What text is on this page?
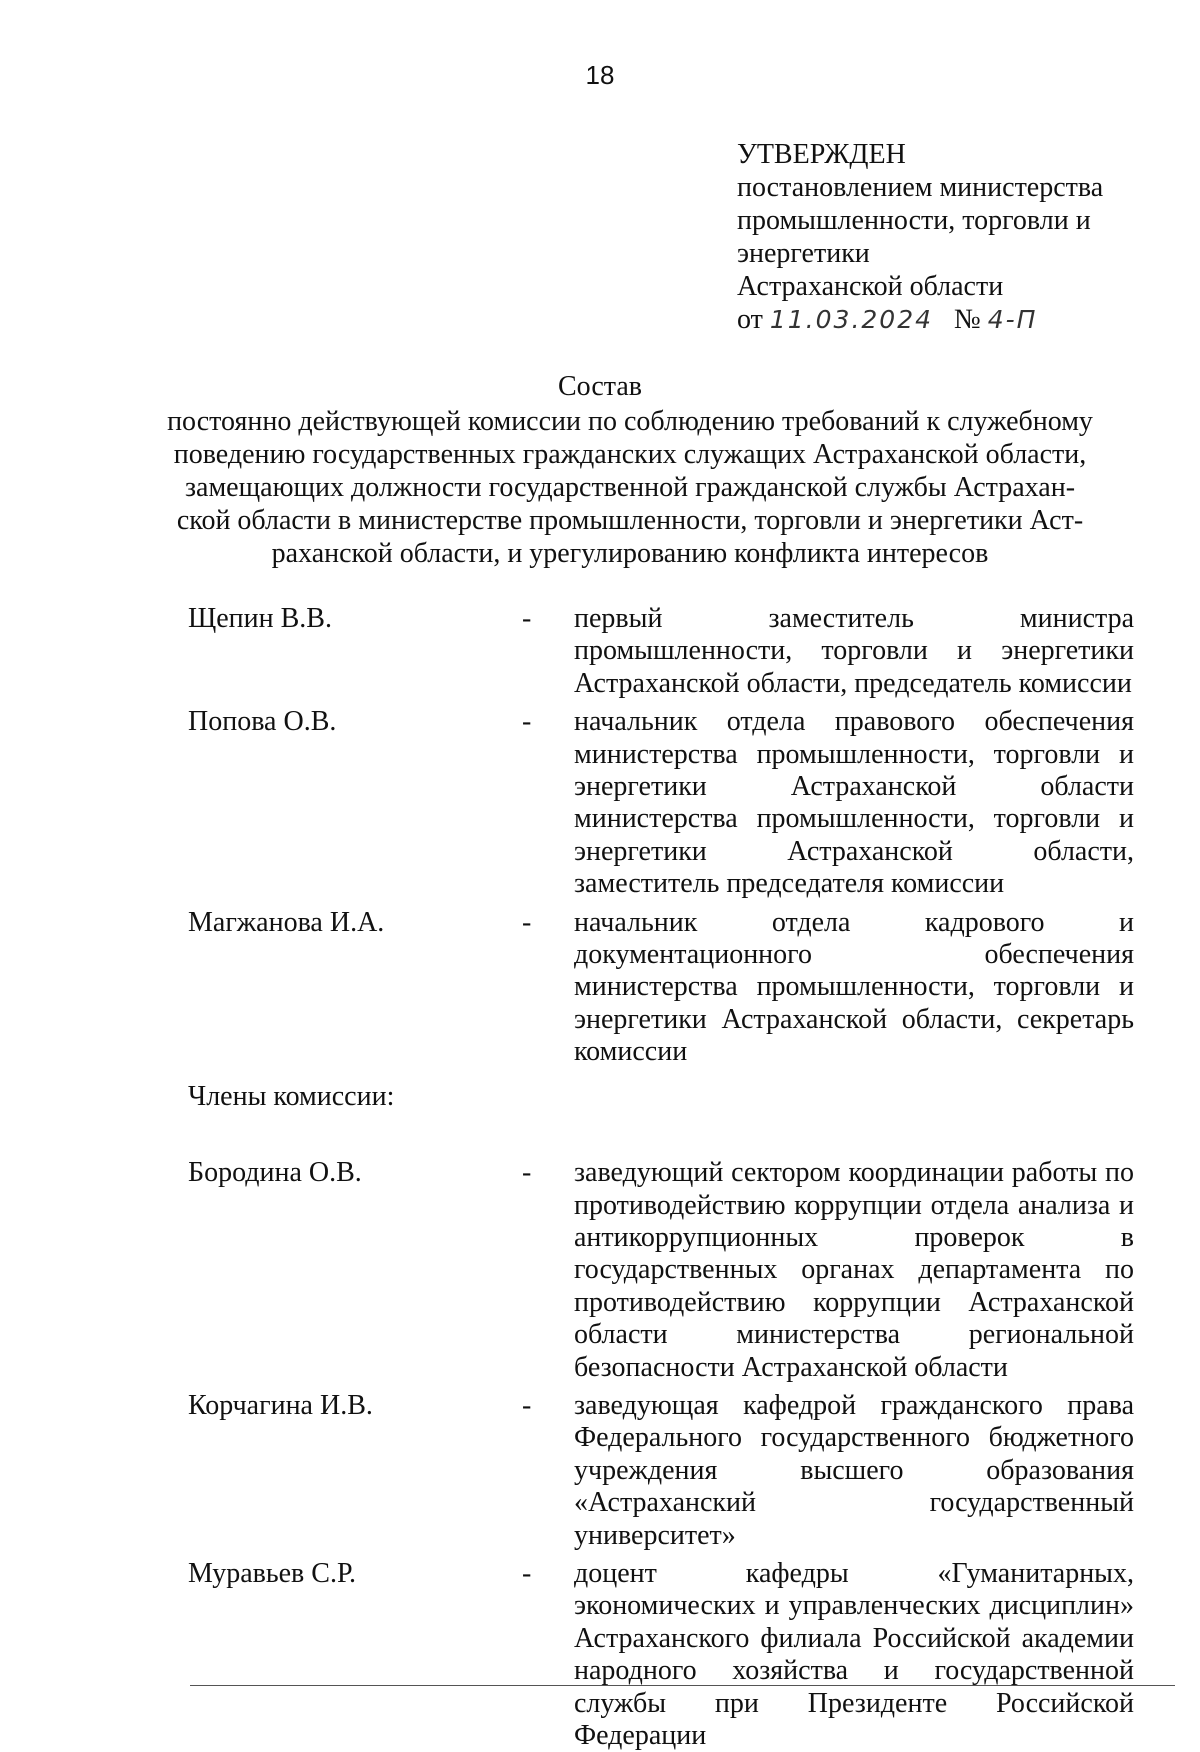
18
УТВЕРЖДЕН
постановлением министерства
промышленности, торговли и
энергетики
Астраханской области
от 11.03.2024 № 4-П
Состав
постоянно действующей комиссии по соблюдению требований к служебному
поведению государственных гражданских служащих Астраханской области,
замещающих должности государственной гражданской службы Астрахан-
ской области в министерстве промышленности, торговли и энергетики Аст-
раханской области, и урегулированию конфликта интересов
Щепин В.В.	-	первый заместитель министра промышленности, торговли и энергетики Астраханской области, председатель комиссии
Попова О.В.	-	начальник отдела правового обеспечения министерства промышленности, торговли и энергетики Астраханской области министерства промышленности, торговли и энергетики Астраханской области, заместитель председателя комиссии
Магжанова И.А.	-	начальник отдела кадрового и документационного обеспечения министерства промышленности, торговли и энергетики Астраханской области, секретарь комиссии
Члены комиссии:
Бородина О.В.	-	заведующий сектором координации работы по противодействию коррупции отдела анализа и антикоррупционных проверок в государственных органах департамента по противодействию коррупции Астраханской области министерства региональной безопасности Астраханской области
Корчагина И.В.	-	заведующая кафедрой гражданского права Федерального государственного бюджетного учреждения высшего образования «Астраханский государственный университет»
Муравьев С.Р.	-	доцент кафедры «Гуманитарных, экономических и управленческих дисциплин» Астраханского филиала Российской академии народного хозяйства и государственной службы при Президенте Российской Федерации
